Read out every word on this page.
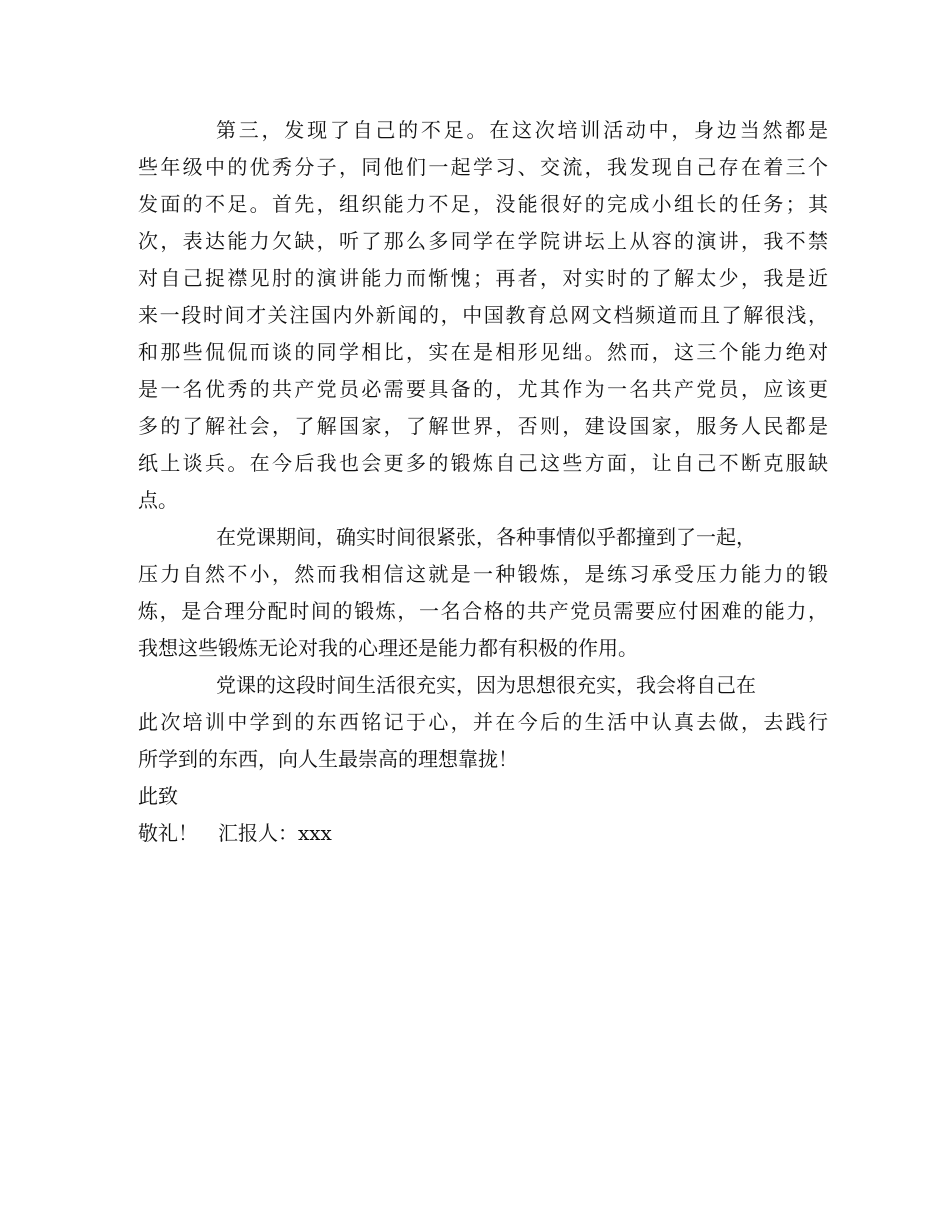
第三，发现了自己的不足。在这次培训活动中，身边当然都是
些年级中的优秀分子，同他们一起学习、交流，我发现自己存在着三个
发面的不足。首先，组织能力不足，没能很好的完成小组长的任务；其
次，表达能力欠缺，听了那么多同学在学院讲坛上从容的演讲，我不禁
对自己捉襟见肘的演讲能力而惭愧；再者，对实时的了解太少，我是近
来一段时间才关注国内外新闻的，中国教育总网文档频道而且了解很浅，
和那些侃侃而谈的同学相比，实在是相形见绌。然而，这三个能力绝对
是一名优秀的共产党员必需要具备的，尤其作为一名共产党员，应该更
多的了解社会，了解国家，了解世界，否则，建设国家，服务人民都是
纸上谈兵。在今后我也会更多的锻炼自己这些方面，让自己不断克服缺
点。
在党课期间，确实时间很紧张，各种事情似乎都撞到了一起，
压力自然不小，然而我相信这就是一种锻炼，是练习承受压力能力的锻
炼，是合理分配时间的锻炼，一名合格的共产党员需要应付困难的能力，
我想这些锻炼无论对我的心理还是能力都有积极的作用。
党课的这段时间生活很充实，因为思想很充实，我会将自己在
此次培训中学到的东西铭记于心，并在今后的生活中认真去做，去践行
所学到的东西，向人生最崇高的理想靠拢！
此致
敬礼！　汇报人：xxx
